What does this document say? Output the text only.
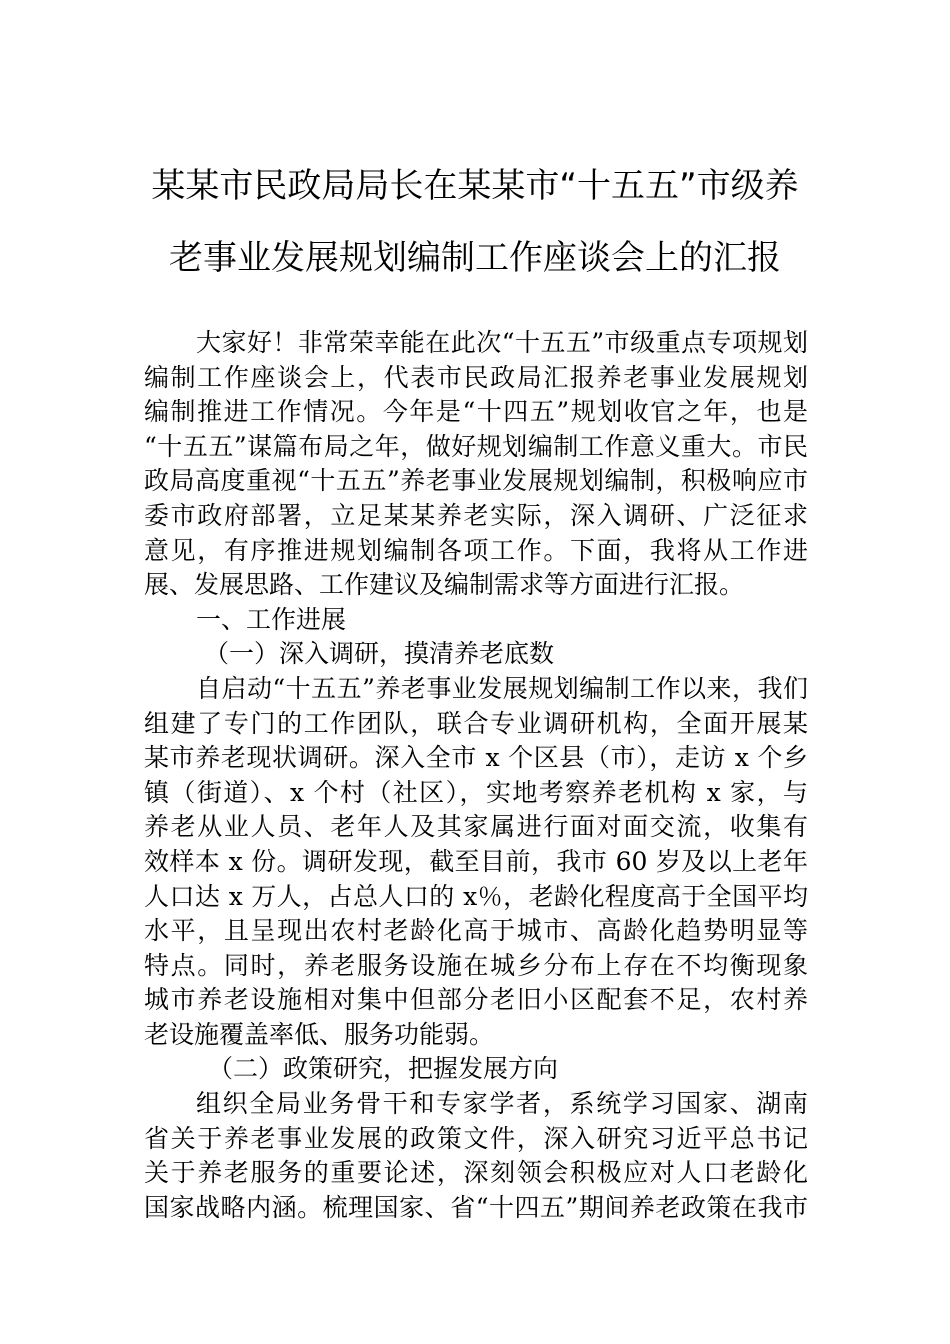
某某市民政局局长在某某市“十五五”市级养
老事业发展规划编制工作座谈会上的汇报
大家好！非常荣幸能在此次“十五五”市级重点专项规划
编制工作座谈会上，代表市民政局汇报养老事业发展规划
编制推进工作情况。今年是“十四五”规划收官之年，也是
“十五五”谋篇布局之年，做好规划编制工作意义重大。市民
政局高度重视“十五五”养老事业发展规划编制，积极响应市
委市政府部署，立足某某养老实际，深入调研、广泛征求
意见，有序推进规划编制各项工作。下面，我将从工作进
展、发展思路、工作建议及编制需求等方面进行汇报。
一、工作进展
（一）深入调研，摸清养老底数
自启动“十五五”养老事业发展规划编制工作以来，我们
组建了专门的工作团队，联合专业调研机构，全面开展某
某市养老现状调研。深入全市 x 个区县（市），走访 x 个乡
镇（街道）、x 个村（社区），实地考察养老机构 x 家，与
养老从业人员、老年人及其家属进行面对面交流，收集有
效样本 x 份。调研发现，截至目前，我市 60 岁及以上老年
人口达 x 万人，占总人口的 x％，老龄化程度高于全国平均
水平，且呈现出农村老龄化高于城市、高龄化趋势明显等
特点。同时，养老服务设施在城乡分布上存在不均衡现象
城市养老设施相对集中但部分老旧小区配套不足，农村养
老设施覆盖率低、服务功能弱。
（二）政策研究，把握发展方向
组织全局业务骨干和专家学者，系统学习国家、湖南
省关于养老事业发展的政策文件，深入研究习近平总书记
关于养老服务的重要论述，深刻领会积极应对人口老龄化
国家战略内涵。梳理国家、省“十四五”期间养老政策在我市
